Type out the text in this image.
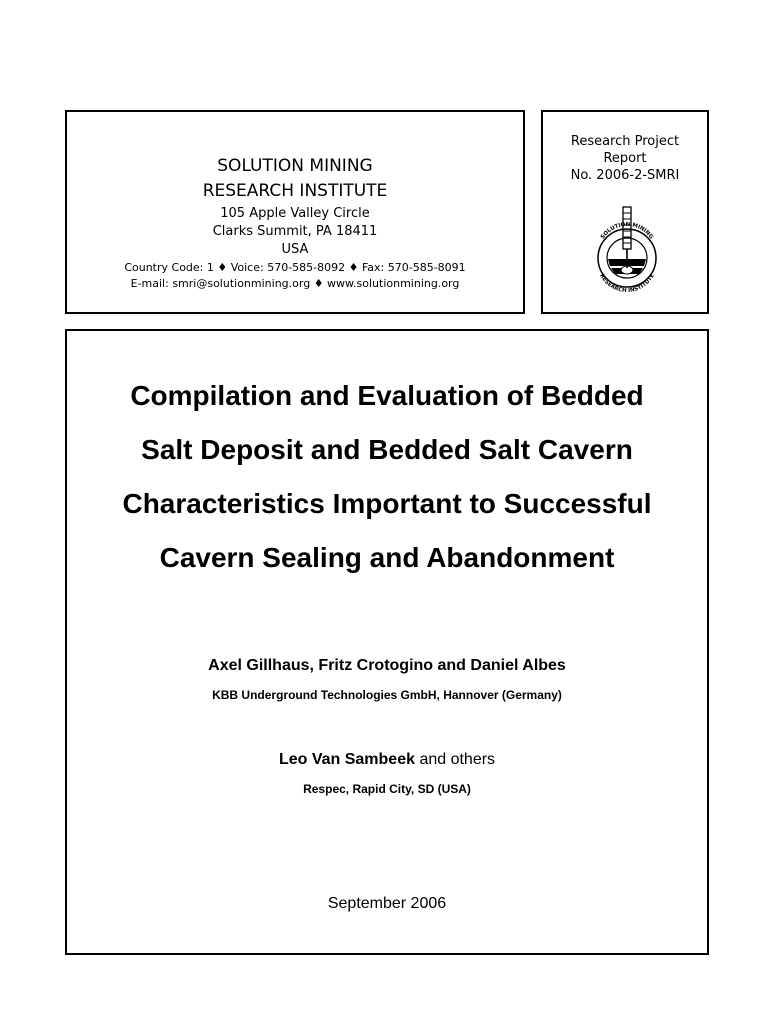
SOLUTION MINING
RESEARCH INSTITUTE
105 Apple Valley Circle
Clarks Summit, PA 18411
USA
Country Code: 1 ♦ Voice: 570-585-8092 ♦ Fax: 570-585-8091
E-mail: smri@solutionmining.org ♦ www.solutionmining.org
Research Project
Report
No. 2006-2-SMRI
SOLUTION MINING
RESEARCH INSTITUTE
Compilation and Evaluation of Bedded
Salt Deposit and Bedded Salt Cavern
Characteristics Important to Successful
Cavern Sealing and Abandonment
Axel Gillhaus, Fritz Crotogino and Daniel Albes
KBB Underground Technologies GmbH, Hannover (Germany)
Leo Van Sambeek and others
Respec, Rapid City, SD (USA)
September 2006
